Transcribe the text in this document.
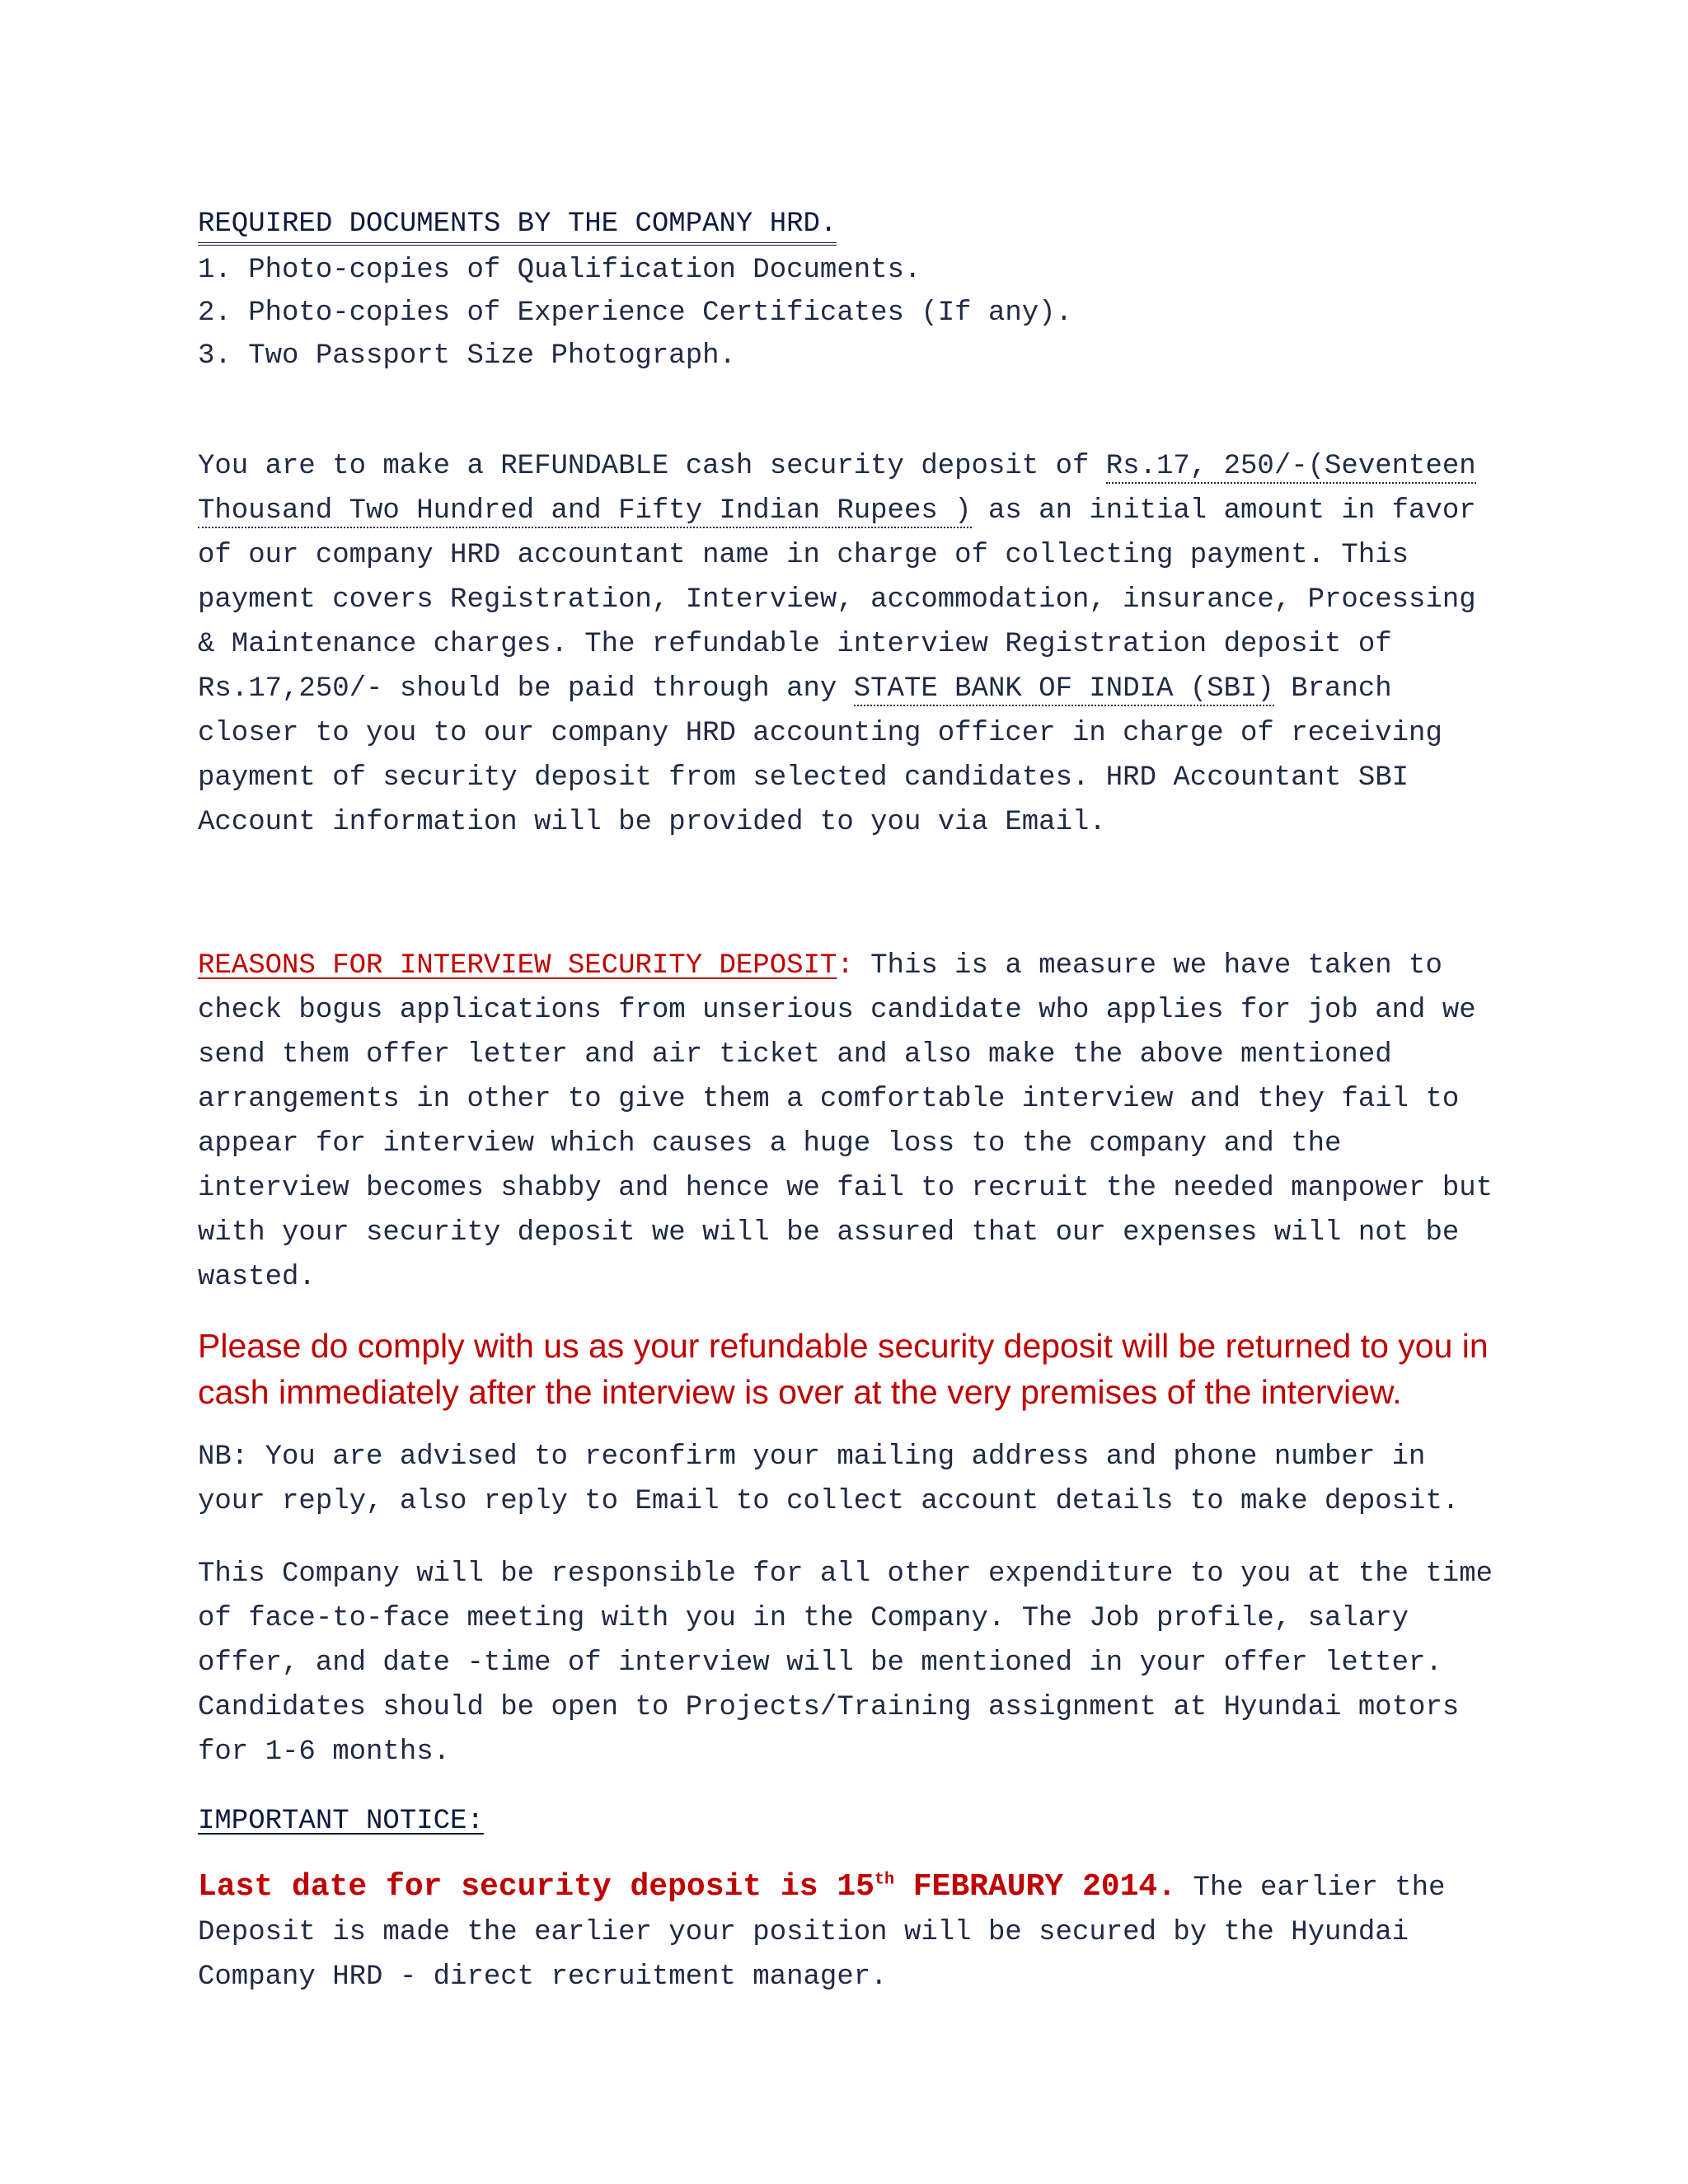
REQUIRED DOCUMENTS BY THE COMPANY HRD.
1. Photo-copies of Qualification Documents.
2. Photo-copies of Experience Certificates (If any).
3. Two Passport Size Photograph.

You are to make a REFUNDABLE cash security deposit of Rs.17, 250/-(Seventeen Thousand Two Hundred and Fifty Indian Rupees ) as an initial amount in favor of our company HRD accountant name in charge of collecting payment. This payment covers Registration, Interview, accommodation, insurance, Processing & Maintenance charges. The refundable interview Registration deposit of Rs.17,250/- should be paid through any STATE BANK OF INDIA (SBI) Branch closer to you to our company HRD accounting officer in charge of receiving payment of security deposit from selected candidates. HRD Accountant SBI Account information will be provided to you via Email.

REASONS FOR INTERVIEW SECURITY DEPOSIT: This is a measure we have taken to check bogus applications from unserious candidate who applies for job and we send them offer letter and air ticket and also make the above mentioned arrangements in other to give them a comfortable interview and they fail to appear for interview which causes a huge loss to the company and the interview becomes shabby and hence we fail to recruit the needed manpower but with your security deposit we will be assured that our expenses will not be wasted.

Please do comply with us as your refundable security deposit will be returned to you in cash immediately after the interview is over at the very premises of the interview.

NB: You are advised to reconfirm your mailing address and phone number in your reply, also reply to Email to collect account details to make deposit.

This Company will be responsible for all other expenditure to you at the time of face-to-face meeting with you in the Company. The Job profile, salary offer, and date -time of interview will be mentioned in your offer letter. Candidates should be open to Projects/Training assignment at Hyundai motors for 1-6 months.

IMPORTANT NOTICE:

Last date for security deposit is 15th FEBRAURY 2014. The earlier the Deposit is made the earlier your position will be secured by the Hyundai Company HRD - direct recruitment manager.
